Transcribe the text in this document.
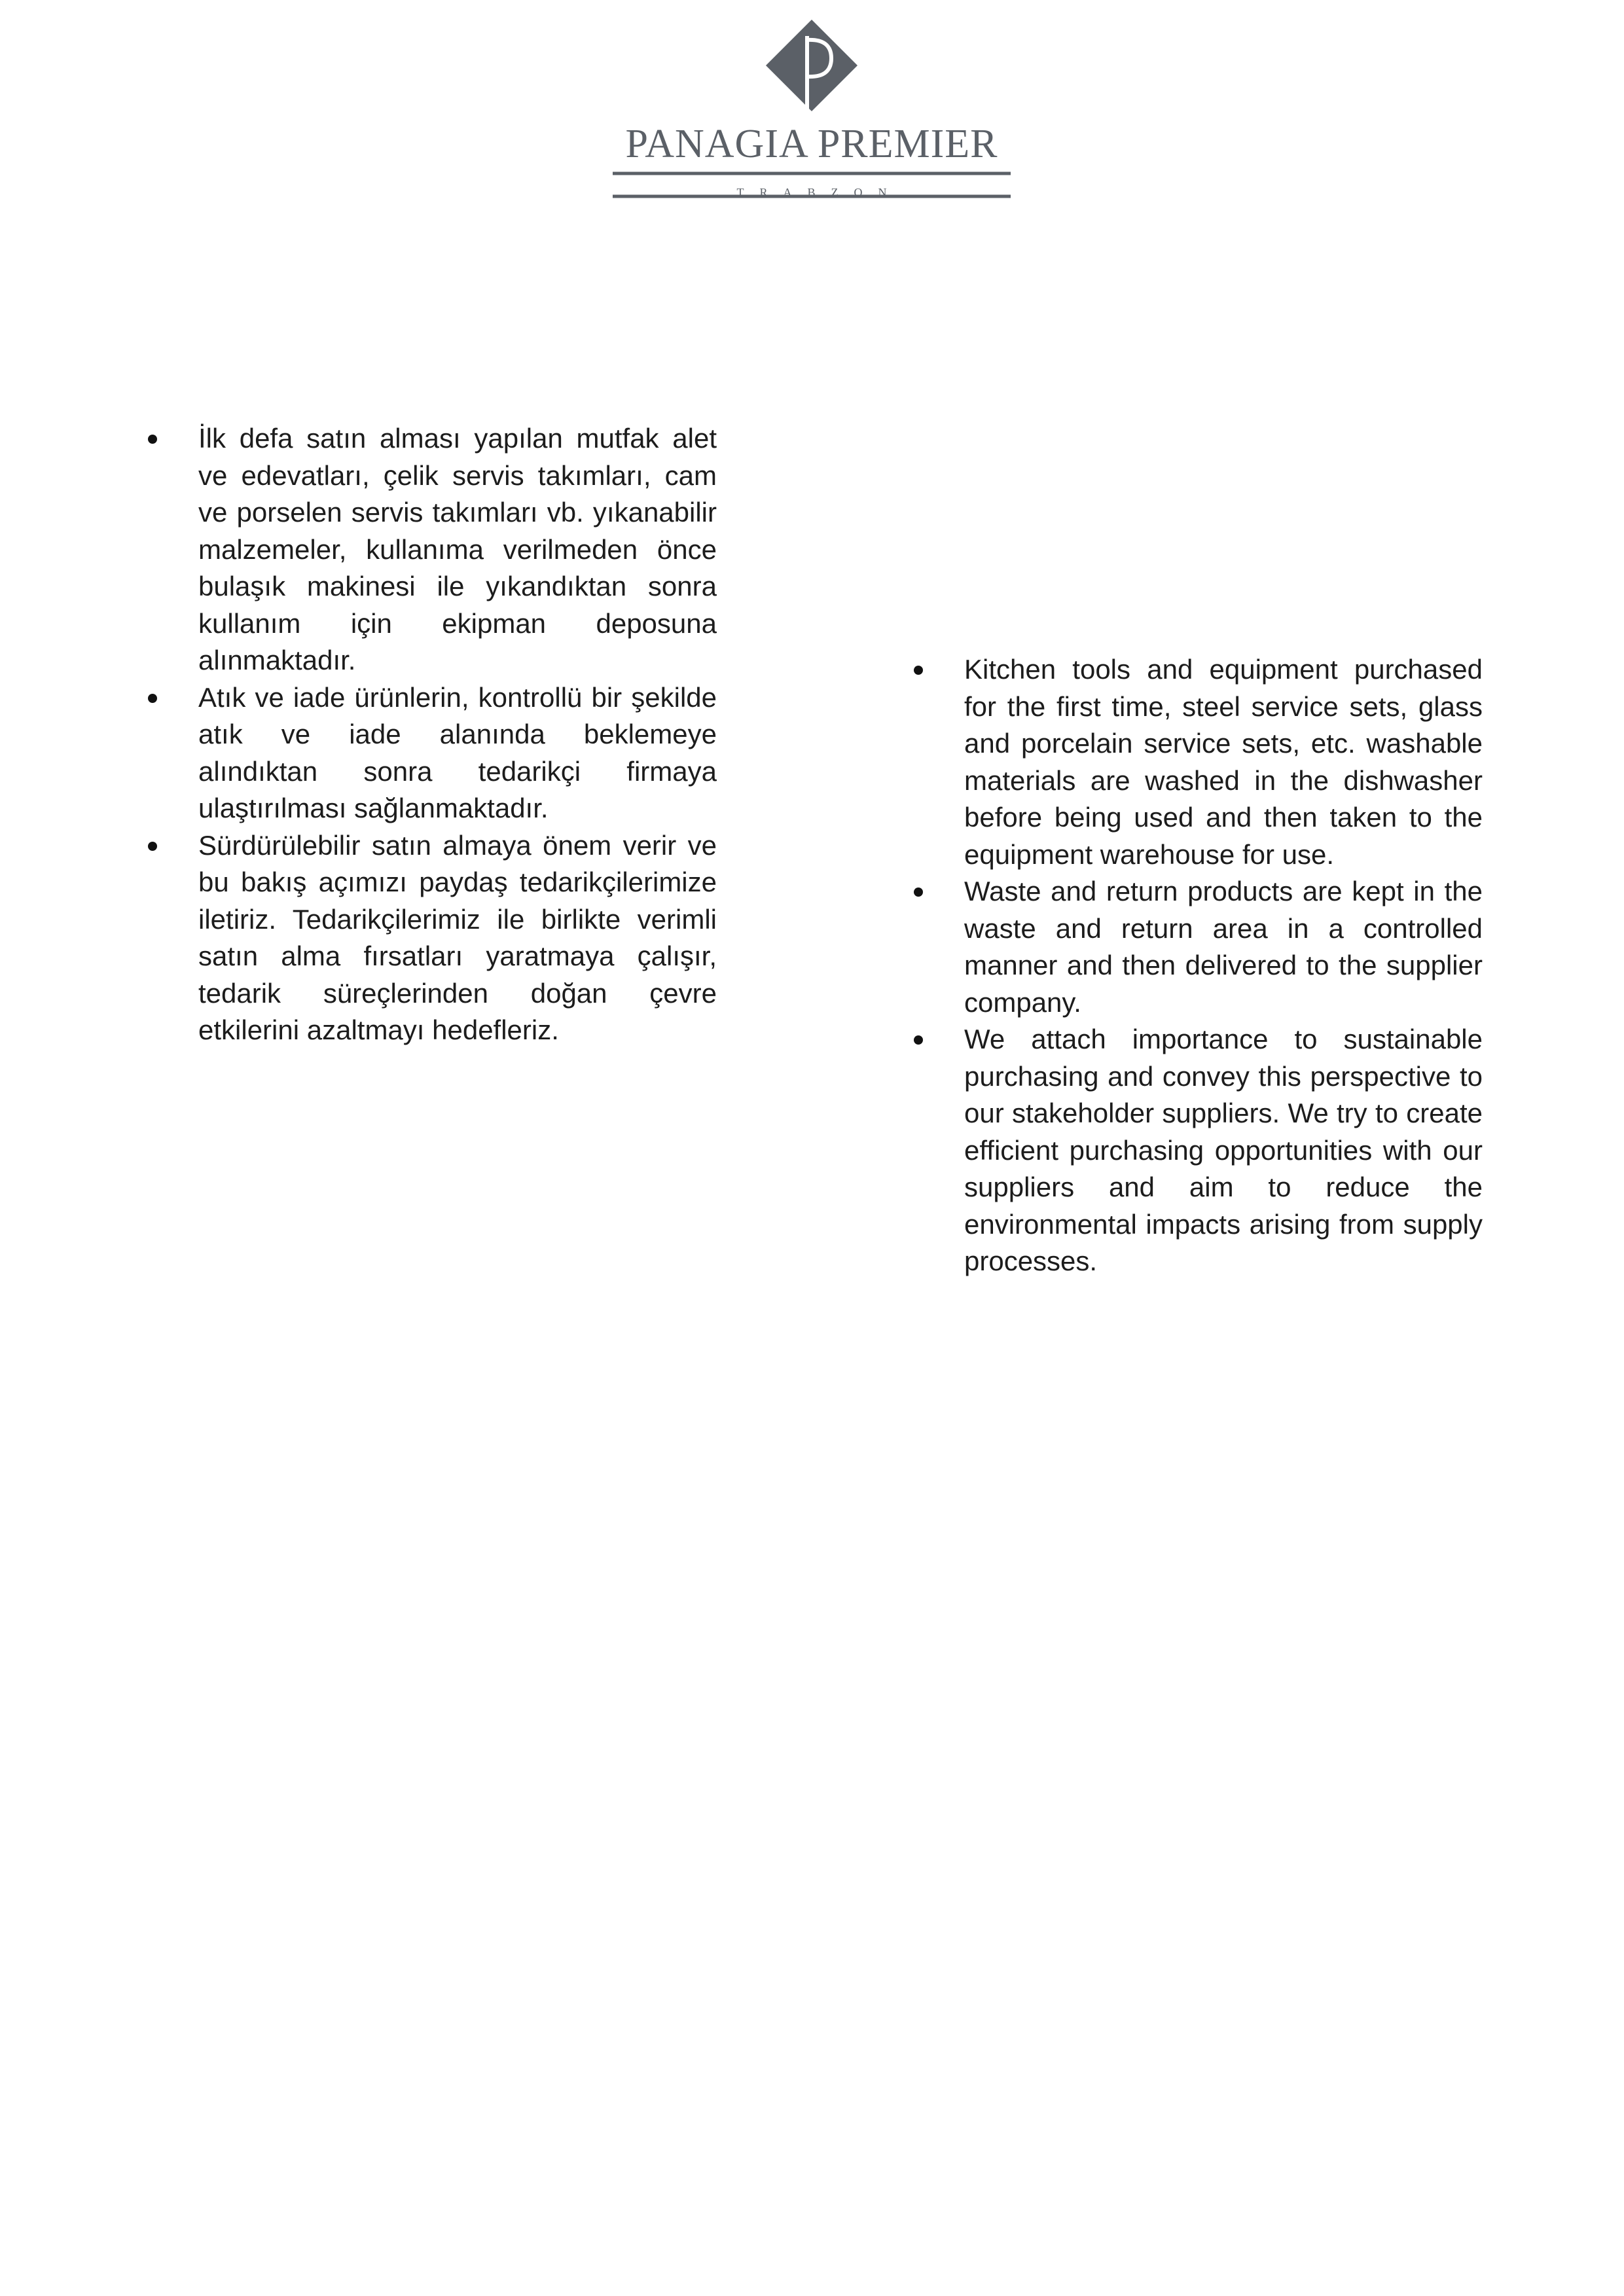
PANAGIA PREMIER
TRABZON
İlk defa satın alması yapılan mutfak alet ve edevatları, çelik servis takımları, cam ve porselen servis takımları vb. yıkanabilir malzemeler, kullanıma verilmeden önce bulaşık makinesi ile yıkandıktan sonra kullanım için ekipman deposuna alınmaktadır.
Atık ve iade ürünlerin, kontrollü bir şekilde atık ve iade alanında beklemeye alındıktan sonra tedarikçi firmaya ulaştırılması sağlanmaktadır.
Sürdürülebilir satın almaya önem verir ve bu bakış açımızı paydaş tedarikçilerimize iletiriz. Tedarikçilerimiz ile birlikte verimli satın alma fırsatları yaratmaya çalışır, tedarik süreçlerinden doğan çevre etkilerini azaltmayı hedefleriz.
Kitchen tools and equipment purchased for the first time, steel service sets, glass and porcelain service sets, etc. washable materials are washed in the dishwasher before being used and then taken to the equipment warehouse for use.
Waste and return products are kept in the waste and return area in a controlled manner and then delivered to the supplier company.
We attach importance to sustainable purchasing and convey this perspective to our stakeholder suppliers. We try to create efficient purchasing opportunities with our suppliers and aim to reduce the environmental impacts arising from supply processes.
